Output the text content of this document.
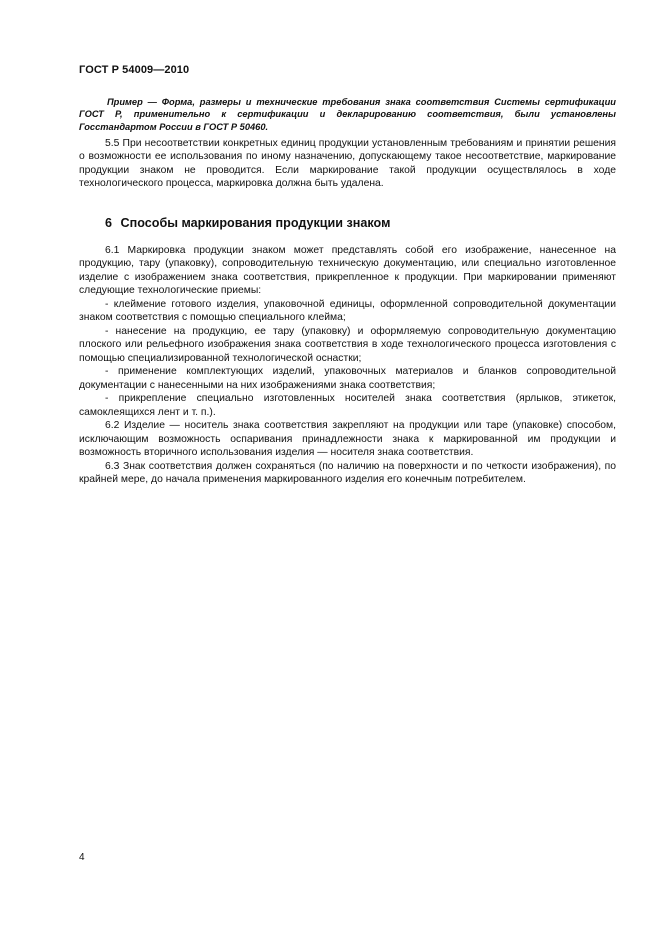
ГОСТ Р 54009—2010

Пример — Форма, размеры и технические требования знака соответствия Системы сертификации ГОСТ Р, применительно к сертификации и декларированию соответствия, были установлены Госстандартом России в ГОСТ Р 50460.

5.5 При несоответствии конкретных единиц продукции установленным требованиям и принятии решения о возможности ее использования по иному назначению, допускающему такое несоответствие, маркирование продукции знаком не проводится. Если маркирование такой продукции осуществлялось в ходе технологического процесса, маркировка должна быть удалена.

6 Способы маркирования продукции знаком

6.1 Маркировка продукции знаком может представлять собой его изображение, нанесенное на продукцию, тару (упаковку), сопроводительную техническую документацию, или специально изготовленное изделие с изображением знака соответствия, прикрепленное к продукции. При маркировании применяют следующие технологические приемы:

- клеймение готового изделия, упаковочной единицы, оформленной сопроводительной документации знаком соответствия с помощью специального клейма;

- нанесение на продукцию, ее тару (упаковку) и оформляемую сопроводительную документацию плоского или рельефного изображения знака соответствия в ходе технологического процесса изготовления с помощью специализированной технологической оснастки;

- применение комплектующих изделий, упаковочных материалов и бланков сопроводительной документации с нанесенными на них изображениями знака соответствия;

- прикрепление специально изготовленных носителей знака соответствия (ярлыков, этикеток, самоклеящихся лент и т. п.).

6.2 Изделие — носитель знака соответствия закрепляют на продукции или таре (упаковке) способом, исключающим возможность оспаривания принадлежности знака к маркированной им продукции и возможность вторичного использования изделия — носителя знака соответствия.

6.3 Знак соответствия должен сохраняться (по наличию на поверхности и по четкости изображения), по крайней мере, до начала применения маркированного изделия его конечным потребителем.

4
